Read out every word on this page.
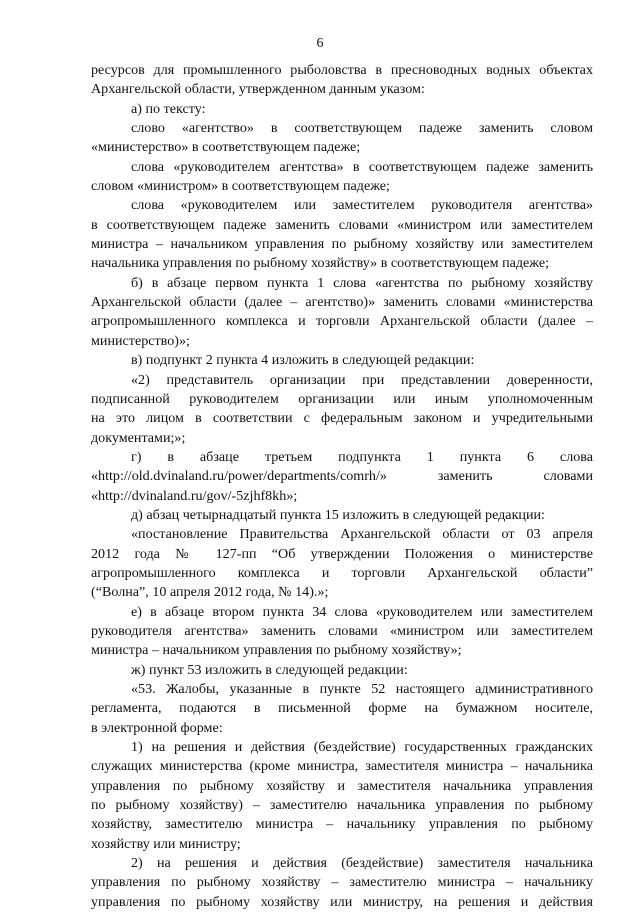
6
ресурсов для промышленного рыболовства в пресноводных водных объектах
Архангельской области, утвержденном данным указом:
а) по тексту:
слово «агентство» в соответствующем падеже заменить словом
«министерство» в соответствующем падеже;
слова «руководителем агентства» в соответствующем падеже заменить
словом «министром» в соответствующем падеже;
слова «руководителем или заместителем руководителя агентства»
в соответствующем падеже заменить словами «министром или заместителем
министра – начальником управления по рыбному хозяйству или заместителем
начальника управления по рыбному хозяйству» в соответствующем падеже;
б) в абзаце первом пункта 1 слова «агентства по рыбному хозяйству
Архангельской области (далее – агентство)» заменить словами «министерства
агропромышленного комплекса и торговли Архангельской области (далее –
министерство)»;
в) подпункт 2 пункта 4 изложить в следующей редакции:
«2) представитель организации при представлении доверенности,
подписанной руководителем организации или иным уполномоченным
на это лицом в соответствии с федеральным законом и учредительными
документами;»;
г) в абзаце третьем подпункта 1 пункта 6 слова
«http://old.dvinaland.ru/power/departments/comrh/» заменить словами
«http://dvinaland.ru/gov/-5zjhf8kh»;
д) абзац четырнадцатый пункта 15 изложить в следующей редакции:
«постановление Правительства Архангельской области от 03 апреля
2012 года № 127-пп “Об утверждении Положения о министерстве
агропромышленного комплекса и торговли Архангельской области”
(“Волна”, 10 апреля 2012 года, № 14).»;
е) в абзаце втором пункта 34 слова «руководителем или заместителем
руководителя агентства» заменить словами «министром или заместителем
министра – начальником управления по рыбному хозяйству»;
ж) пункт 53 изложить в следующей редакции:
«53. Жалобы, указанные в пункте 52 настоящего административного
регламента, подаются в письменной форме на бумажном носителе,
в электронной форме:
1) на решения и действия (бездействие) государственных гражданских
служащих министерства (кроме министра, заместителя министра – начальника
управления по рыбному хозяйству и заместителя начальника управления
по рыбному хозяйству) – заместителю начальника управления по рыбному
хозяйству, заместителю министра – начальнику управления по рыбному
хозяйству или министру;
2) на решения и действия (бездействие) заместителя начальника
управления по рыбному хозяйству – заместителю министра – начальнику
управления по рыбному хозяйству или министру, на решения и действия
